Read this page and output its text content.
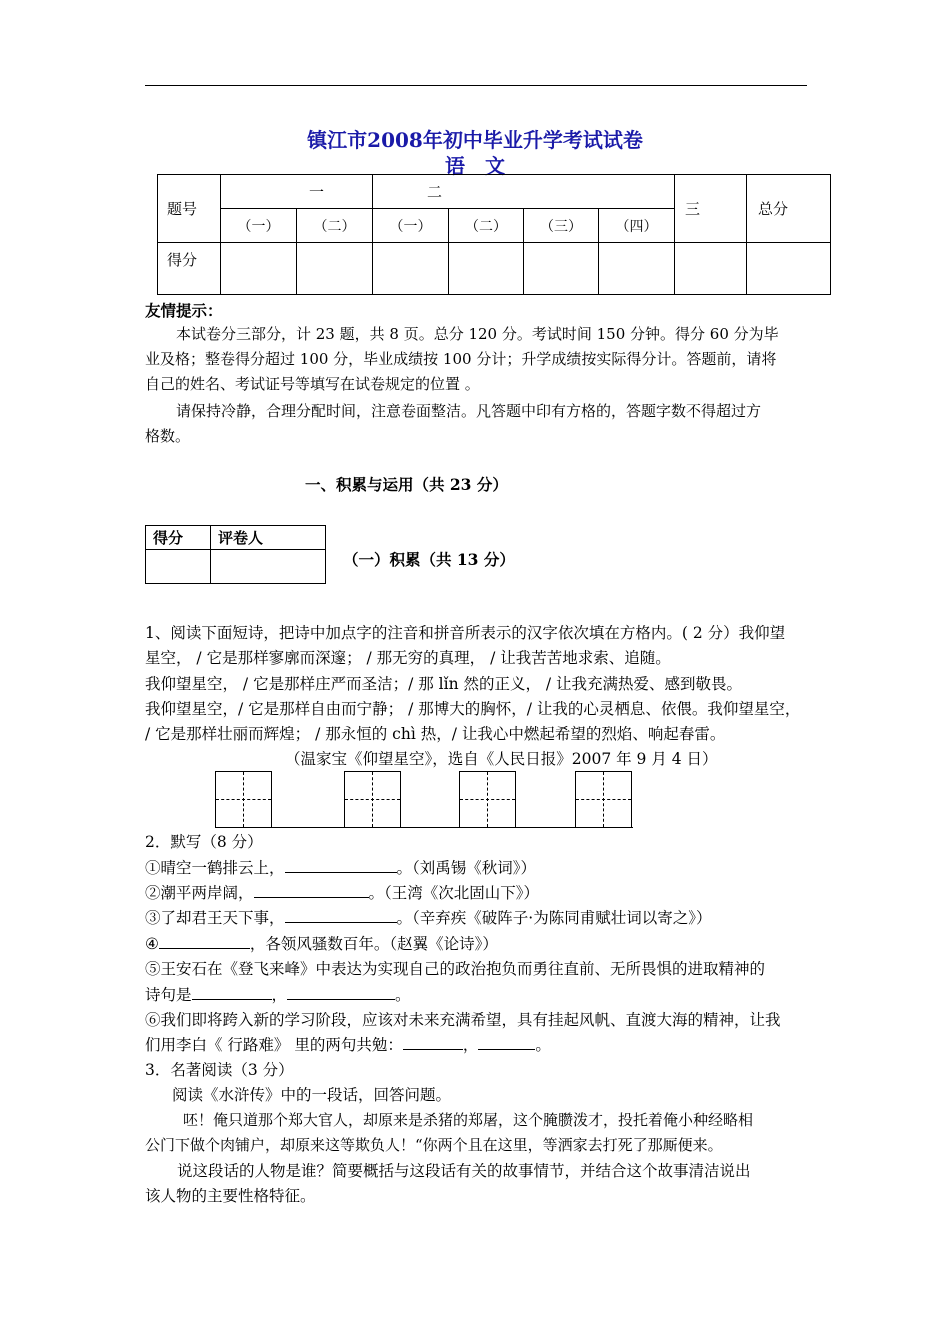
镇江市2008年初中毕业升学考试试卷
语　文
题号	一		二				三	总分
	（一）	（二）	（一）	（二）	（三）	（四）		
得分								
友情提示：
本试卷分三部分，计 23 题，共 8 页。总分 120 分。考试时间 150 分钟。得分 60 分为毕
业及格；整卷得分超过 100 分，毕业成绩按 100 分计；升学成绩按实际得分计。答题前，请将
自己的姓名、考试证号等填写在试卷规定的位置 。
请保持冷静，合理分配时间，注意卷面整洁。凡答题中印有方格的，答题字数不得超过方
格数。
一、积累与运用（共 23 分）
得分	评卷人

（一）积累（共 13 分）
1、阅读下面短诗，把诗中加点字的注音和拼音所表示的汉字依次填在方格内。( 2 分）我仰望
星空， / 它是那样寥廓而深邃； / 那无穷的真理， / 让我苦苦地求索、追随。
我仰望星空， / 它是那样庄严而圣洁；/ 那 lǐn 然的正义， / 让我充满热爱、感到敬畏。
我仰望星空，/ 它是那样自由而宁静； / 那博大的胸怀，/ 让我的心灵栖息、依偎。我仰望星空，
/ 它是那样壮丽而辉煌； / 那永恒的 chì 热，/ 让我心中燃起希望的烈焰、响起春雷。
（温家宝《仰望星空》，选自《人民日报》2007 年 9 月 4 日）
2．默写（8 分）
①晴空一鹤排云上，	。（刘禹锡《秋词》）
②潮平两岸阔，	。（王湾《次北固山下》）
③了却君王天下事，	。（辛弃疾《破阵子·为陈同甫赋壮词以寄之》）
④	，各领风骚数百年。（赵翼《论诗》）
⑤王安石在《登飞来峰》中表达为实现自己的政治抱负而勇往直前、无所畏惧的进取精神的
诗句是	，	。
⑥我们即将跨入新的学习阶段，应该对未来充满希望，具有挂起风帆、直渡大海的精神，让我
们用李白《 行路难》 里的两句共勉：	，	。
3．名著阅读（3 分）
阅读《水浒传》中的一段话，回答问题。
呸！俺只道那个郑大官人，却原来是杀猪的郑屠，这个腌臜泼才，投托着俺小种经略相
公门下做个肉铺户，却原来这等欺负人！“你两个且在这里，等洒家去打死了那厮便来。
说这段话的人物是谁？简要概括与这段话有关的故事情节，并结合这个故事清洁说出
该人物的主要性格特征。
